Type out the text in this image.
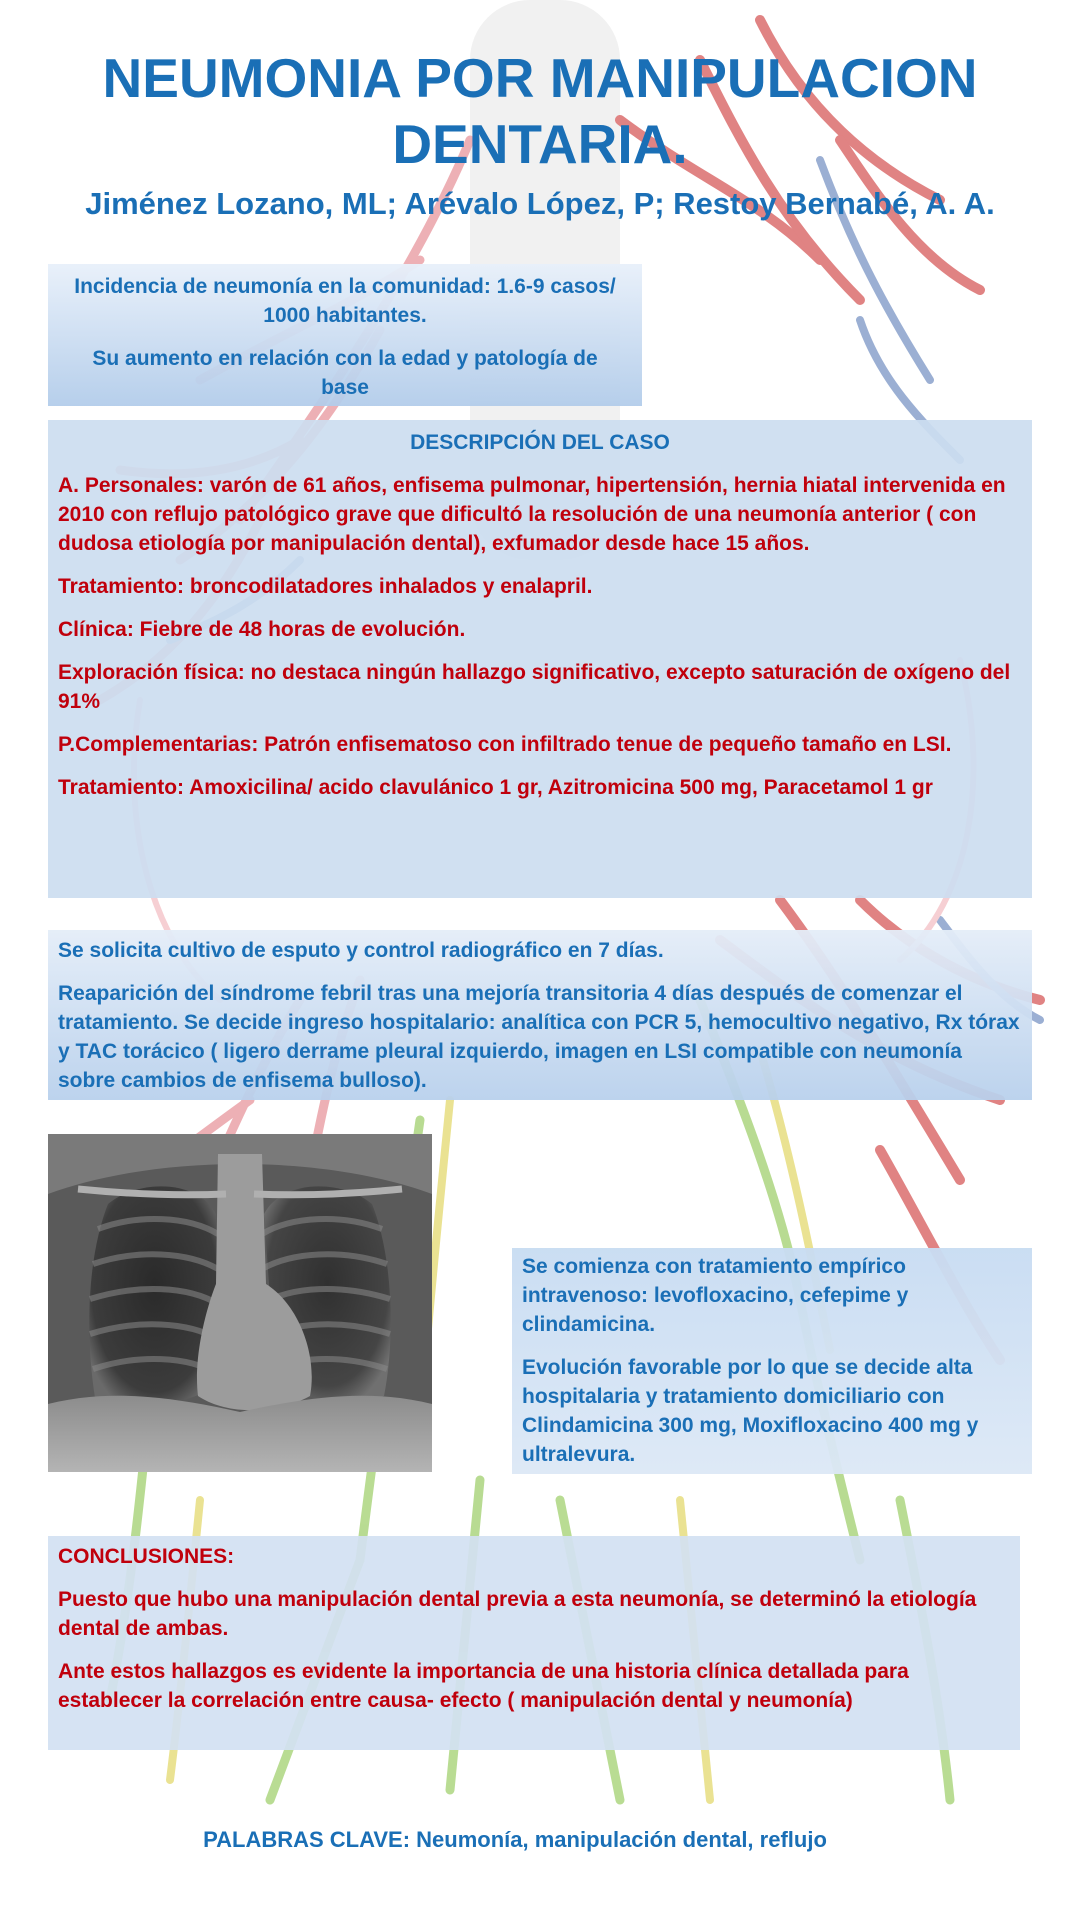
NEUMONIA POR MANIPULACION DENTARIA.
Jiménez Lozano, ML; Arévalo López, P; Restoy Bernabé, A. A.

Incidencia de neumonía en la comunidad: 1.6-9 casos/ 1000 habitantes.

Su aumento en relación con la edad y patología de base

DESCRIPCIÓN DEL CASO

A. Personales: varón de 61 años, enfisema pulmonar, hipertensión, hernia hiatal intervenida en 2010 con reflujo patológico grave que dificultó la resolución de una neumonía anterior ( con dudosa etiología por manipulación dental), exfumador desde hace 15 años.

Tratamiento: broncodilatadores inhalados y enalapril.

Clínica: Fiebre de 48 horas de evolución.

Exploración física: no destaca ningún hallazgo significativo, excepto saturación de oxígeno del 91%

P.Complementarias: Patrón enfisematoso con infiltrado tenue de pequeño tamaño en LSI.

Tratamiento: Amoxicilina/ acido clavulánico 1 gr, Azitromicina 500 mg, Paracetamol 1 gr

Se solicita cultivo de esputo y control radiográfico en 7 días.

Reaparición del síndrome febril tras una mejoría transitoria 4 días después de comenzar el tratamiento. Se decide ingreso hospitalario: analítica con PCR 5, hemocultivo negativo, Rx tórax y TAC torácico ( ligero derrame pleural izquierdo, imagen en LSI compatible con neumonía sobre cambios de enfisema bulloso).

Se comienza con tratamiento empírico intravenoso: levofloxacino, cefepime y clindamicina.

Evolución favorable por lo que se decide alta hospitalaria y tratamiento domiciliario con Clindamicina 300 mg, Moxifloxacino 400 mg y ultralevura.

CONCLUSIONES:

Puesto que hubo una manipulación dental previa a esta neumonía, se determinó la etiología dental de ambas.

Ante estos hallazgos es evidente la importancia de una historia clínica detallada para establecer la correlación entre causa- efecto ( manipulación dental y neumonía)

PALABRAS CLAVE: Neumonía, manipulación dental, reflujo
